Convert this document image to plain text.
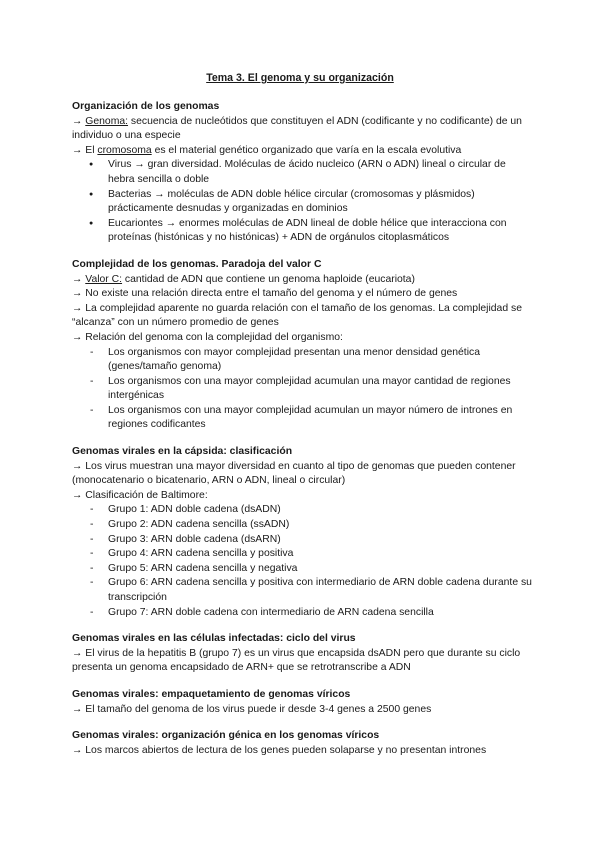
Tema 3. El genoma y su organización
Organización de los genomas

→ Genoma: secuencia de nucleótidos que constituyen el ADN (codificante y no codificante) de un individuo o una especie

→ El cromosoma es el material genético organizado que varía en la escala evolutiva

● Virus → gran diversidad. Moléculas de ácido nucleico (ARN o ADN) lineal o circular de hebra sencilla o doble
● Bacterias → moléculas de ADN doble hélice circular (cromosomas y plásmidos) prácticamente desnudas y organizadas en dominios
● Eucariontes → enormes moléculas de ADN lineal de doble hélice que interacciona con proteínas (histónicas y no histónicas) + ADN de orgánulos citoplasmáticos
Complejidad de los genomas. Paradoja del valor C

→ Valor C: cantidad de ADN que contiene un genoma haploide (eucariota)

→ No existe una relación directa entre el tamaño del genoma y el número de genes

→ La complejidad aparente no guarda relación con el tamaño de los genomas. La complejidad se “alcanza” con un número promedio de genes

→ Relación del genoma con la complejidad del organismo:

- Los organismos con mayor complejidad presentan una menor densidad genética (genes/tamaño genoma)
- Los organismos con una mayor complejidad acumulan una mayor cantidad de regiones intergénicas
- Los organismos con una mayor complejidad acumulan un mayor número de intrones en regiones codificantes
Genomas virales en la cápsida: clasificación

→ Los virus muestran una mayor diversidad en cuanto al tipo de genomas que pueden contener (monocatenario o bicatenario, ARN o ADN, lineal o circular)

→ Clasificación de Baltimore:

- Grupo 1: ADN doble cadena (dsADN)
- Grupo 2: ADN cadena sencilla (ssADN)
- Grupo 3: ARN doble cadena (dsARN)
- Grupo 4: ARN cadena sencilla y positiva
- Grupo 5: ARN cadena sencilla y negativa
- Grupo 6: ARN cadena sencilla y positiva con intermediario de ARN doble cadena durante su transcripción
- Grupo 7: ARN doble cadena con intermediario de ARN cadena sencilla
Genomas virales en las células infectadas: ciclo del virus

→ El virus de la hepatitis B (grupo 7) es un virus que encapsida dsADN pero que durante su ciclo presenta un genoma encapsidado de ARN+ que se retrotranscribe a ADN

Genomas virales: empaquetamiento de genomas víricos

→ El tamaño del genoma de los virus puede ir desde 3-4 genes a 2500 genes

Genomas virales: organización génica en los genomas víricos

→ Los marcos abiertos de lectura de los genes pueden solaparse y no presentan intrones
